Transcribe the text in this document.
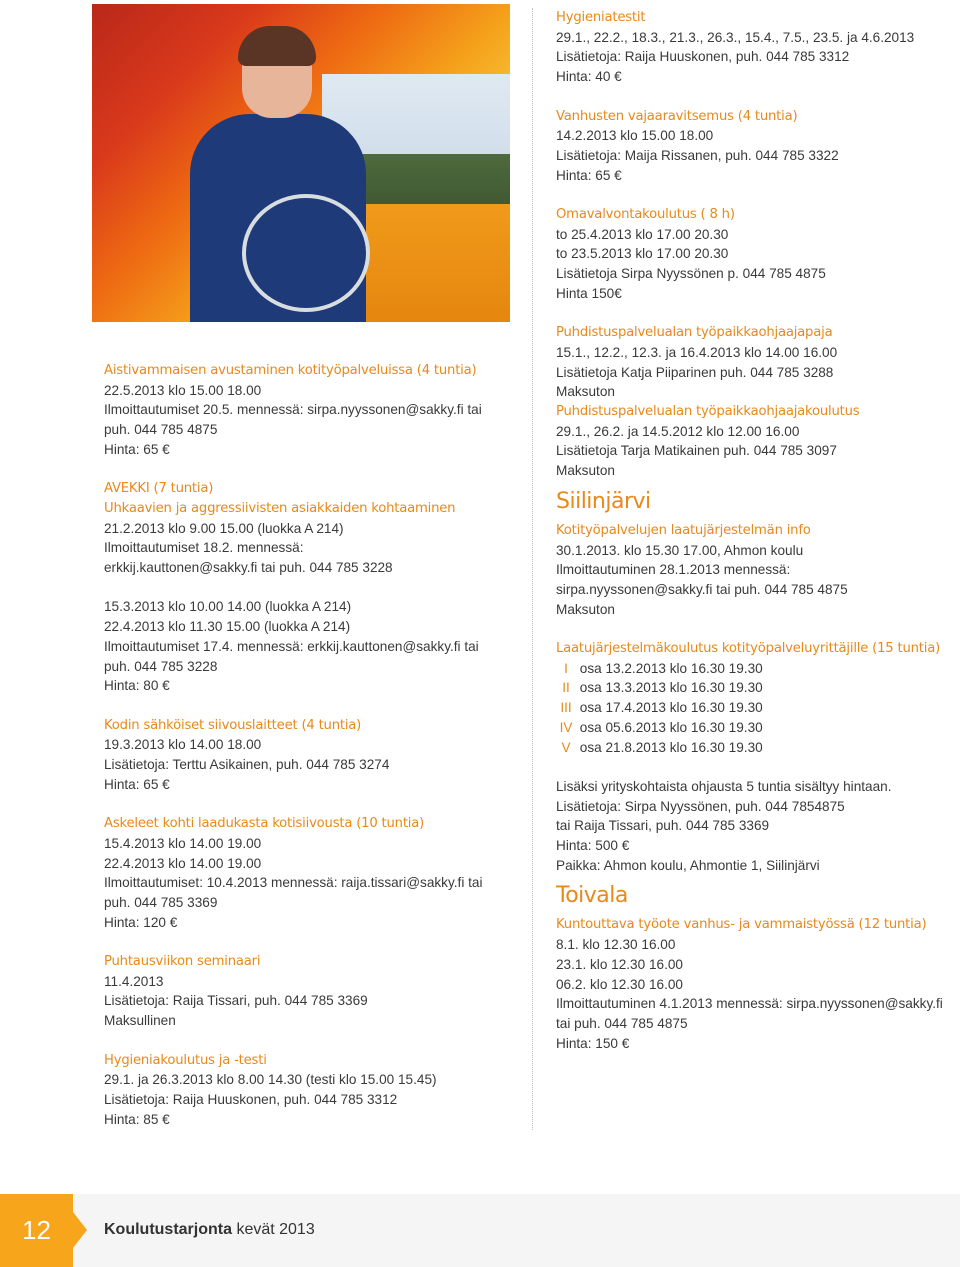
Aistivammaisen avustaminen kotityöpalveluissa (4 tuntia)
22.5.2013 klo 15.00 18.00
Ilmoittautumiset 20.5. mennessä: sirpa.nyyssonen@sakky.fi tai
puh. 044 785 4875
Hinta: 65 €
AVEKKI (7 tuntia)
Uhkaavien ja aggressiivisten asiakkaiden kohtaaminen
21.2.2013 klo 9.00 15.00 (luokka A 214)
Ilmoittautumiset 18.2. mennessä:
erkkij.kauttonen@sakky.fi tai puh. 044 785 3228
15.3.2013 klo 10.00 14.00 (luokka A 214)
22.4.2013 klo 11.30 15.00 (luokka A 214)
Ilmoittautumiset 17.4. mennessä: erkkij.kauttonen@sakky.fi tai
puh. 044 785 3228
Hinta: 80 €
Kodin sähköiset siivouslaitteet (4 tuntia)
19.3.2013 klo 14.00 18.00
Lisätietoja: Terttu Asikainen, puh. 044 785 3274
Hinta: 65 €
Askeleet kohti laadukasta kotisiivousta (10 tuntia)
15.4.2013 klo 14.00 19.00
22.4.2013 klo 14.00 19.00
Ilmoittautumiset: 10.4.2013 mennessä: raija.tissari@sakky.fi tai
puh. 044 785 3369
Hinta: 120 €
Puhtausviikon seminaari
11.4.2013
Lisätietoja: Raija Tissari, puh. 044 785 3369
Maksullinen
Hygieniakoulutus ja -testi
29.1. ja 26.3.2013 klo 8.00 14.30 (testi klo 15.00 15.45)
Lisätietoja: Raija Huuskonen, puh. 044 785 3312
Hinta: 85 €
Hygieniatestit
29.1., 22.2., 18.3., 21.3., 26.3., 15.4., 7.5., 23.5. ja 4.6.2013
Lisätietoja: Raija Huuskonen, puh. 044 785 3312
Hinta: 40 €
Vanhusten vajaaravitsemus (4 tuntia)
14.2.2013 klo 15.00 18.00
Lisätietoja: Maija Rissanen, puh. 044 785 3322
Hinta: 65 €
Omavalvontakoulutus ( 8 h)
to 25.4.2013 klo 17.00 20.30
to 23.5.2013 klo 17.00 20.30
Lisätietoja Sirpa Nyyssönen p. 044 785 4875
Hinta 150€
Puhdistuspalvelualan työpaikkaohjaajapaja
15.1., 12.2., 12.3. ja 16.4.2013 klo 14.00 16.00
Lisätietoja Katja Piiparinen puh. 044 785 3288
Maksuton
Puhdistuspalvelualan työpaikkaohjaajakoulutus
29.1., 26.2. ja 14.5.2012 klo 12.00 16.00
Lisätietoja Tarja Matikainen puh. 044 785 3097
Maksuton
Siilinjärvi
Kotityöpalvelujen laatujärjestelmän info
30.1.2013. klo 15.30 17.00, Ahmon koulu
Ilmoittautuminen 28.1.2013 mennessä:
sirpa.nyyssonen@sakky.fi tai puh. 044 785 4875
Maksuton
Laatujärjestelmäkoulutus kotityöpalveluyrittäjille (15 tuntia)
I osa 13.2.2013 klo 16.30 19.30
II osa 13.3.2013 klo 16.30 19.30
III osa 17.4.2013 klo 16.30 19.30
IV osa 05.6.2013 klo 16.30 19.30
V osa 21.8.2013 klo 16.30 19.30
Lisäksi yrityskohtaista ohjausta 5 tuntia sisältyy hintaan.
Lisätietoja: Sirpa Nyyssönen, puh. 044 7854875
tai Raija Tissari, puh. 044 785 3369
Hinta: 500 €
Paikka: Ahmon koulu, Ahmontie 1, Siilinjärvi
Toivala
Kuntouttava työote vanhus- ja vammaistyössä (12 tuntia)
8.1. klo 12.30 16.00
23.1. klo 12.30 16.00
06.2. klo 12.30 16.00
Ilmoittautuminen 4.1.2013 mennessä: sirpa.nyyssonen@sakky.fi
tai puh. 044 785 4875
Hinta: 150 €
12	Koulutustarjonta kevät 2013
